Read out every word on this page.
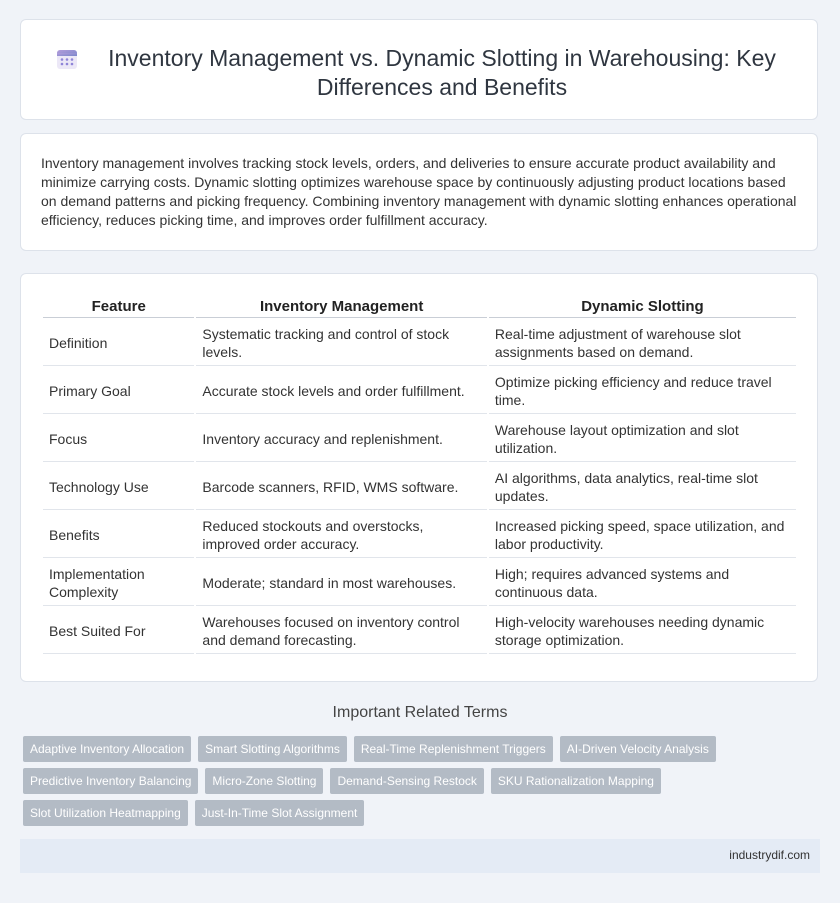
Inventory Management vs. Dynamic Slotting in Warehousing: Key Differences and Benefits
Inventory management involves tracking stock levels, orders, and deliveries to ensure accurate product availability and minimize carrying costs. Dynamic slotting optimizes warehouse space by continuously adjusting product locations based on demand patterns and picking frequency. Combining inventory management with dynamic slotting enhances operational efficiency, reduces picking time, and improves order fulfillment accuracy.
Feature	Inventory Management	Dynamic Slotting
Definition	Systematic tracking and control of stock levels.	Real-time adjustment of warehouse slot assignments based on demand.
Primary Goal	Accurate stock levels and order fulfillment.	Optimize picking efficiency and reduce travel time.
Focus	Inventory accuracy and replenishment.	Warehouse layout optimization and slot utilization.
Technology Use	Barcode scanners, RFID, WMS software.	AI algorithms, data analytics, real-time slot updates.
Benefits	Reduced stockouts and overstocks, improved order accuracy.	Increased picking speed, space utilization, and labor productivity.
Implementation Complexity	Moderate; standard in most warehouses.	High; requires advanced systems and continuous data.
Best Suited For	Warehouses focused on inventory control and demand forecasting.	High-velocity warehouses needing dynamic storage optimization.
Important Related Terms
Adaptive Inventory Allocation	Smart Slotting Algorithms	Real-Time Replenishment Triggers	AI-Driven Velocity Analysis
Predictive Inventory Balancing	Micro-Zone Slotting	Demand-Sensing Restock	SKU Rationalization Mapping
Slot Utilization Heatmapping	Just-In-Time Slot Assignment
industrydif.com
